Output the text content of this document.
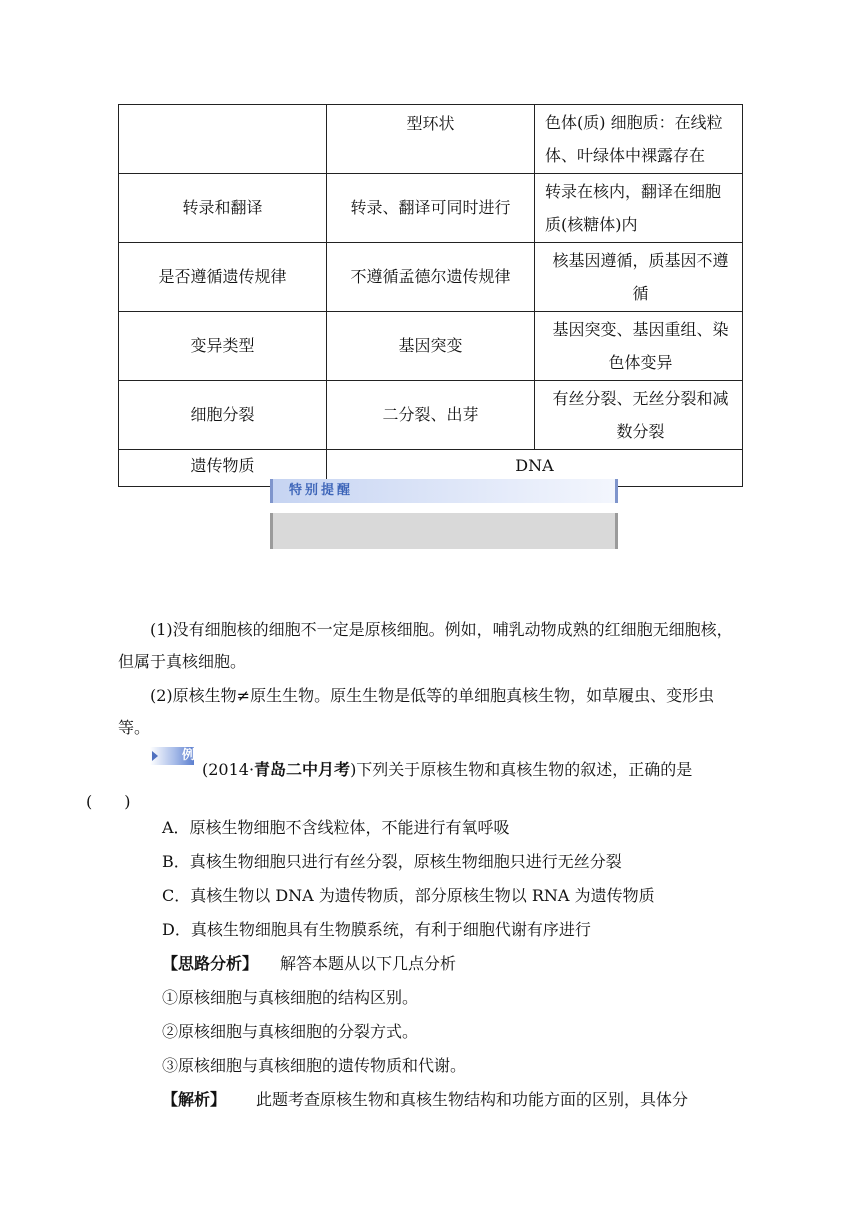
	型环状	色体(质) 细胞质：在线粒体、叶绿体中裸露存在
转录和翻译	转录、翻译可同时进行	转录在核内，翻译在细胞质(核糖体)内
是否遵循遗传规律	不遵循孟德尔遗传规律	核基因遵循，质基因不遵循
变异类型	基因突变	基因突变、基因重组、染色体变异
细胞分裂	二分裂、出芽	有丝分裂、无丝分裂和减数分裂
遗传物质	DNA	
特别提醒
(1)没有细胞核的细胞不一定是原核细胞。例如，哺乳动物成熟的红细胞无细胞核，但属于真核细胞。
(2)原核生物≠原生生物。原生生物是低等的单细胞真核生物，如草履虫、变形虫等。
例1 (2014·青岛二中月考)下列关于原核生物和真核生物的叙述，正确的是
(　　)
A．原核生物细胞不含线粒体，不能进行有氧呼吸
B．真核生物细胞只进行有丝分裂，原核生物细胞只进行无丝分裂
C．真核生物以 DNA 为遗传物质，部分原核生物以 RNA 为遗传物质
D．真核生物细胞具有生物膜系统，有利于细胞代谢有序进行
【思路分析】 解答本题从以下几点分析
①原核细胞与真核细胞的结构区别。
②原核细胞与真核细胞的分裂方式。
③原核细胞与真核细胞的遗传物质和代谢。
【解析】 此题考查原核生物和真核生物结构和功能方面的区别，具体分
